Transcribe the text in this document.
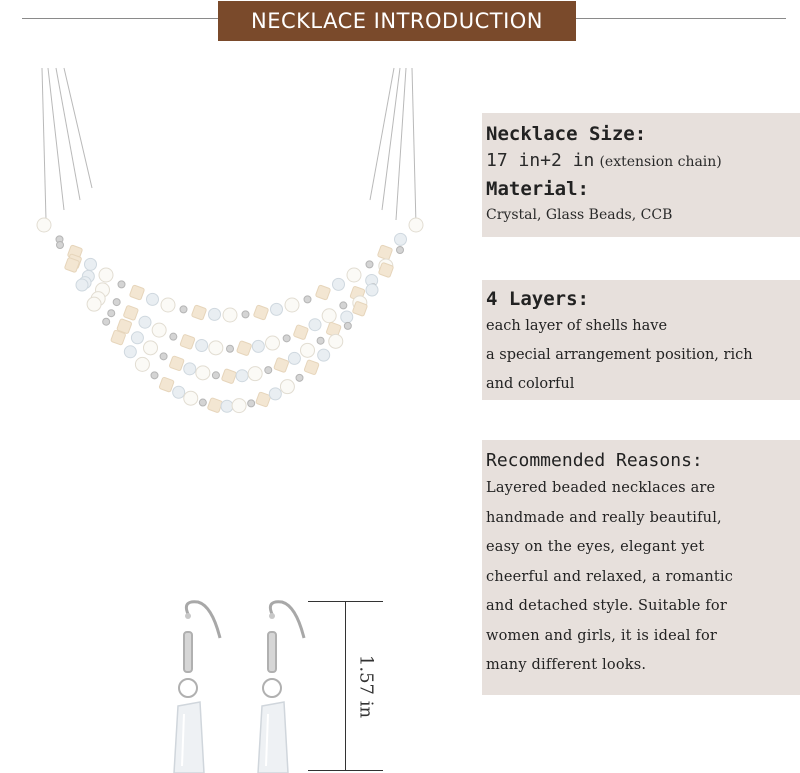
NECKLACE INTRODUCTION
1.57 in
Necklace Size:
17 in+2 in (extension chain)
Material:
Crystal, Glass Beads, CCB
4 Layers:
each layer of shells have
a special arrangement position, rich
and colorful
Recommended Reasons:
Layered beaded necklaces are
handmade and really beautiful,
easy on the eyes, elegant yet
cheerful and relaxed, a romantic
and detached style. Suitable for
women and girls, it is ideal for
many different looks.
